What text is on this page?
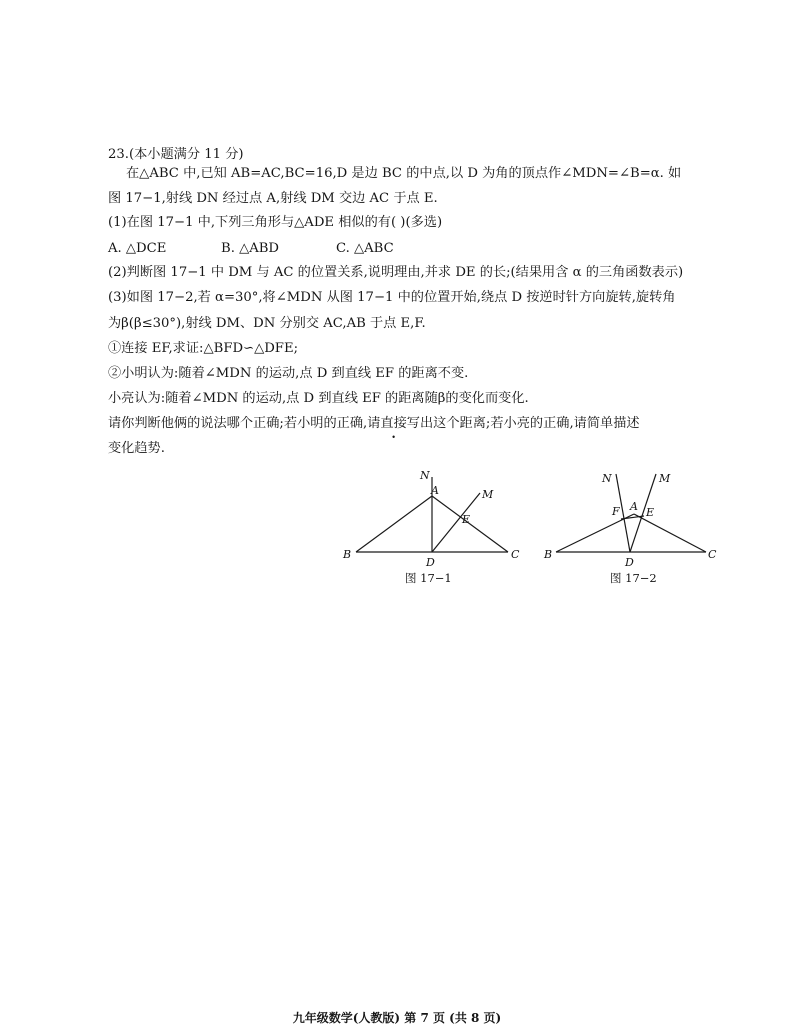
23.(本小题满分 11 分)
在△ABC 中,已知 AB=AC,BC=16,D 是边 BC 的中点,以 D 为角的顶点作∠MDN=∠B=α. 如
图 17−1,射线 DN 经过点 A,射线 DM 交边 AC 于点 E.
(1)在图 17−1 中,下列三角形与△ADE 相似的有( )(多选)
A. △DCE	B. △ABD	C. △ABC
(2)判断图 17−1 中 DM 与 AC 的位置关系,说明理由,并求 DE 的长;(结果用含 α 的三角函数表示)
(3)如图 17−2,若 α=30°,将∠MDN 从图 17−1 中的位置开始,绕点 D 按逆时针方向旋转,旋转角
为β(β≤30°),射线 DM、DN 分别交 AC,AB 于点 E,F.
①连接 EF,求证:△BFD∽△DFE;
②小明认为:随着∠MDN 的运动,点 D 到直线 EF 的距离不变.
小亮认为:随着∠MDN 的运动,点 D 到直线 EF 的距离随β的变化而变化.
请你判断他俩的说法哪个正确;若小明的正确,请直接写出这个距离;若小亮的正确,请简单描述
变化趋势.
N
A	M
E
B
D
C
图 17−1
N	M
F A E
B
D
C
图 17−2
九年级数学(人教版) 第 7 页 (共 8 页)
